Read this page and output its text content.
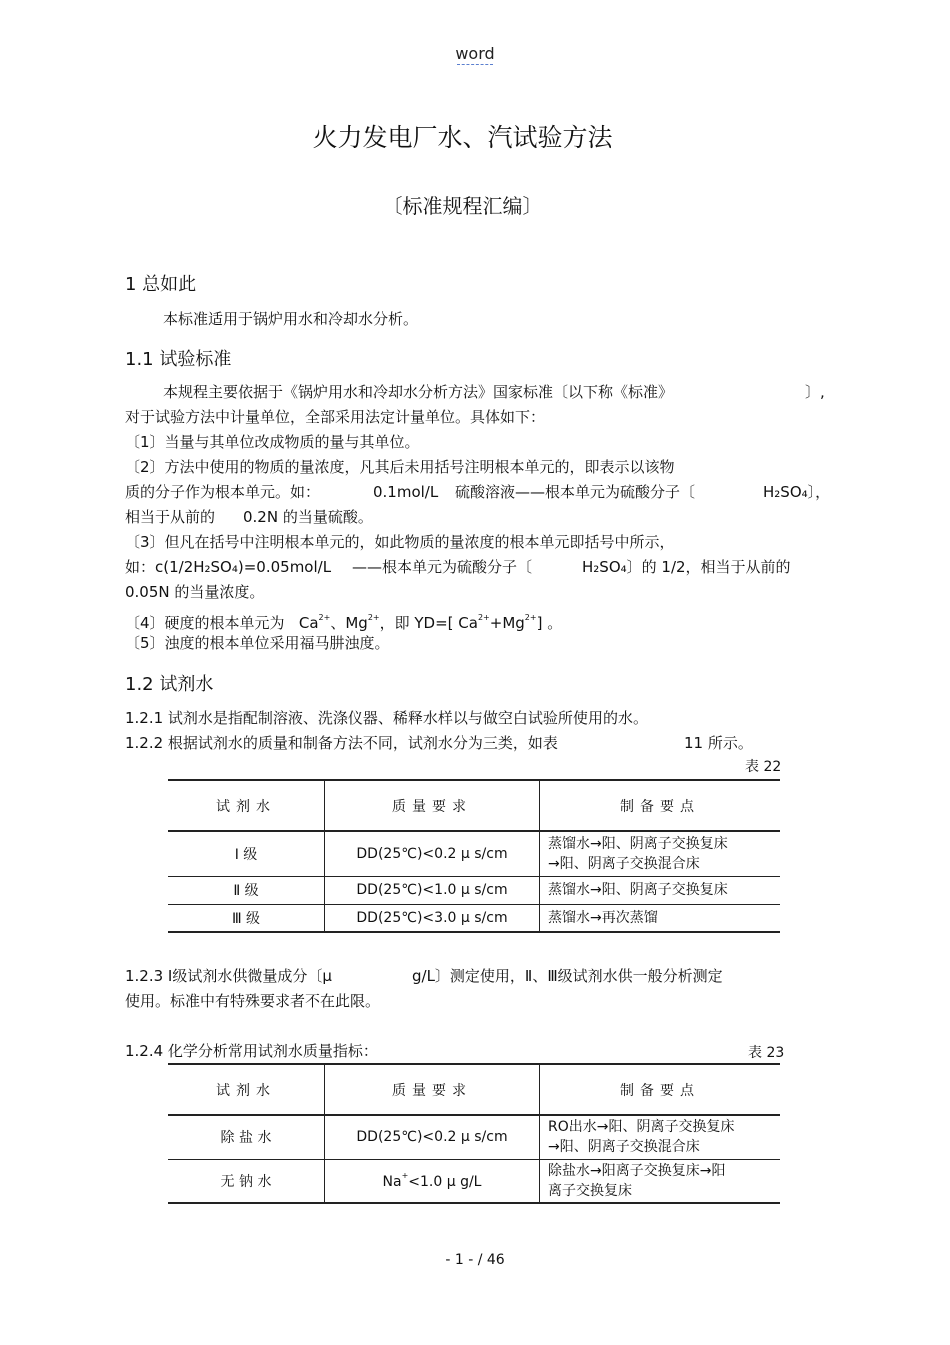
word
火力发电厂水、汽试验方法
〔标准规程汇编〕
1 总如此
本标准适用于锅炉用水和冷却水分析。
1.1 试验标准
本规程主要依据于《锅炉用水和冷却水分析方法》国家标准〔以下称《标准》	〕,
对于试验方法中计量单位，全部采用法定计量单位。具体如下：
〔1〕当量与其单位改成物质的量与其单位。
〔2〕方法中使用的物质的量浓度，凡其后未用括号注明根本单元的，即表示以该物
质的分子作为根本单元。如：	0.1mol/L 硫酸溶液——根本单元为硫酸分子〔	H₂SO₄〕，
相当于从前的 0.2N 的当量硫酸。
〔3〕但凡在括号中注明根本单元的，如此物质的量浓度的根本单元即括号中所示，
如： c(1/2H₂SO₄)=0.05mol/L ——根本单元为硫酸分子〔	H₂SO₄〕的 1/2，相当于从前的
0.05N 的当量浓度。
〔4〕硬度的根本单元为 $Ca^{2+}$、$Mg^{2+}$，即 YD=[ $Ca^{2+}+Mg^{2+}$] 。
〔5〕浊度的根本单位采用福马肼浊度。
1.2 试剂水
1.2.1 试剂水是指配制溶液、洗涤仪器、稀释水样以与做空白试验所使用的水。
1.2.2 根据试剂水的质量和制备方法不同，试剂水分为三类，如表	11 所示。
表 22
试剂水	质量要求	制备要点
Ⅰ 级	DD(25℃)<0.2 μ s/cm	蒸馏水→阳、阴离子交换复床
→阳、阴离子交换混合床

Ⅱ 级	DD(25℃)<1.0 μ s/cm	蒸馏水→阳、阴离子交换复床
Ⅲ 级	DD(25℃)<3.0 μ s/cm	蒸馏水→再次蒸馏
1.2.3 Ⅰ级试剂水供微量成分〔μ	g/L〕测定使用，Ⅱ、Ⅲ级试剂水供一般分析测定
使用。标准中有特殊要求者不在此限。
1.2.4 化学分析常用试剂水质量指标：	表 23
试剂水	质量要求	制备要点
除 盐 水	DD(25℃)<0.2 μ s/cm	RO出水→阳、阴离子交换复床
→阳、阴离子交换混合床

无 钠 水	Na+<1.0 μ g/L	除盐水→阳离子交换复床→阳
离子交换复床
- 1 - / 46
